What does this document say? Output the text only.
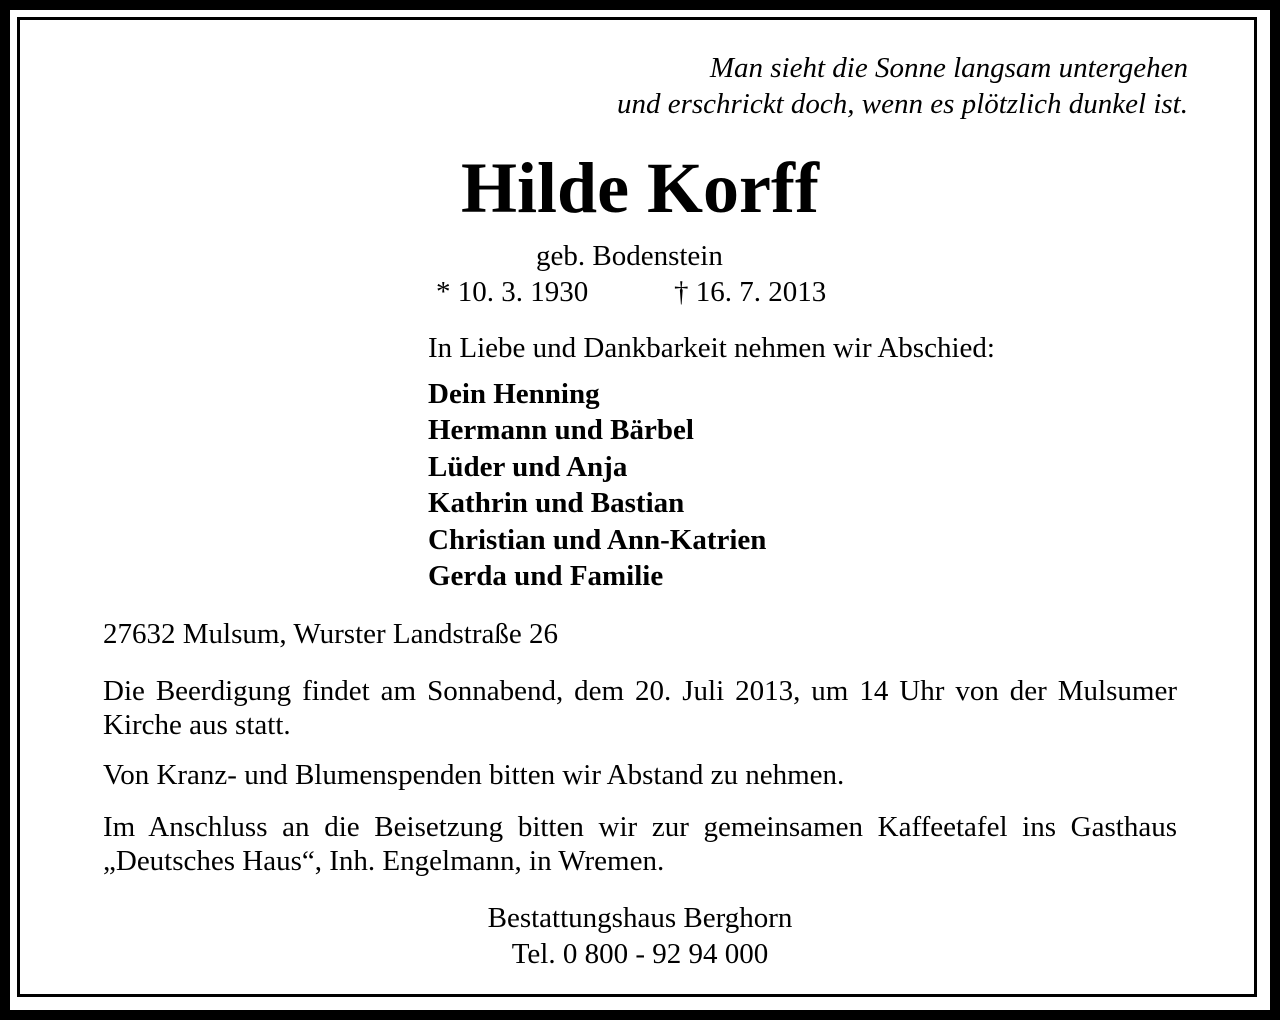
Man sieht die Sonne langsam untergehen
und erschrickt doch, wenn es plötzlich dunkel ist.
Hilde Korff
geb. Bodenstein
* 10. 3. 1930	† 16. 7. 2013
In Liebe und Dankbarkeit nehmen wir Abschied:
Dein Henning
Hermann und Bärbel
Lüder und Anja
Kathrin und Bastian
Christian und Ann-Katrien
Gerda und Familie
27632 Mulsum, Wurster Landstraße 26

Die Beerdigung findet am Sonnabend, dem 20. Juli 2013, um 14 Uhr von der Mulsumer Kirche aus statt.

Von Kranz- und Blumenspenden bitten wir Abstand zu nehmen.

Im Anschluss an die Beisetzung bitten wir zur gemeinsamen Kaffeetafel ins Gasthaus „Deutsches Haus“, Inh. Engelmann, in Wremen.

Bestattungshaus Berghorn
Tel. 0 800 - 92 94 000
